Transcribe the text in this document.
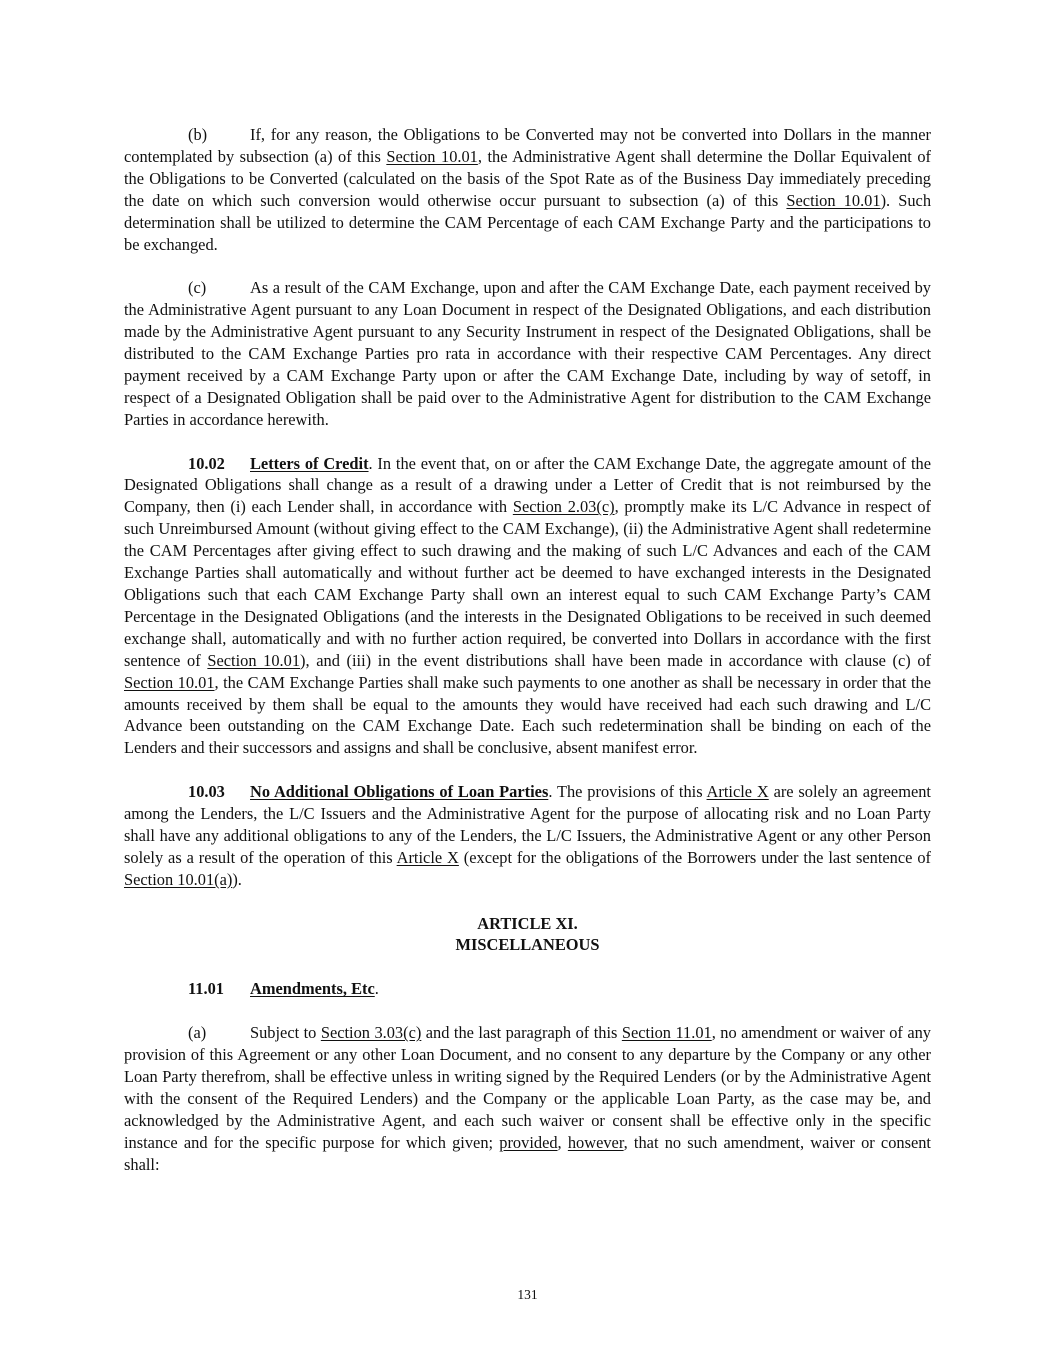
(b)	If, for any reason, the Obligations to be Converted may not be converted into Dollars in the manner contemplated by subsection (a) of this Section 10.01, the Administrative Agent shall determine the Dollar Equivalent of the Obligations to be Converted (calculated on the basis of the Spot Rate as of the Business Day immediately preceding the date on which such conversion would otherwise occur pursuant to subsection (a) of this Section 10.01). Such determination shall be utilized to determine the CAM Percentage of each CAM Exchange Party and the participations to be exchanged.

(c)	As a result of the CAM Exchange, upon and after the CAM Exchange Date, each payment received by the Administrative Agent pursuant to any Loan Document in respect of the Designated Obligations, and each distribution made by the Administrative Agent pursuant to any Security Instrument in respect of the Designated Obligations, shall be distributed to the CAM Exchange Parties pro rata in accordance with their respective CAM Percentages. Any direct payment received by a CAM Exchange Party upon or after the CAM Exchange Date, including by way of setoff, in respect of a Designated Obligation shall be paid over to the Administrative Agent for distribution to the CAM Exchange Parties in accordance herewith.

10.02 Letters of Credit. In the event that, on or after the CAM Exchange Date, the aggregate amount of the Designated Obligations shall change as a result of a drawing under a Letter of Credit that is not reimbursed by the Company, then (i) each Lender shall, in accordance with Section 2.03(c), promptly make its L/C Advance in respect of such Unreimbursed Amount (without giving effect to the CAM Exchange), (ii) the Administrative Agent shall redetermine the CAM Percentages after giving effect to such drawing and the making of such L/C Advances and each of the CAM Exchange Parties shall automatically and without further act be deemed to have exchanged interests in the Designated Obligations such that each CAM Exchange Party shall own an interest equal to such CAM Exchange Party’s CAM Percentage in the Designated Obligations (and the interests in the Designated Obligations to be received in such deemed exchange shall, automatically and with no further action required, be converted into Dollars in accordance with the first sentence of Section 10.01), and (iii) in the event distributions shall have been made in accordance with clause (c) of Section 10.01, the CAM Exchange Parties shall make such payments to one another as shall be necessary in order that the amounts received by them shall be equal to the amounts they would have received had each such drawing and L/C Advance been outstanding on the CAM Exchange Date. Each such redetermination shall be binding on each of the Lenders and their successors and assigns and shall be conclusive, absent manifest error.

10.03 No Additional Obligations of Loan Parties. The provisions of this Article X are solely an agreement among the Lenders, the L/C Issuers and the Administrative Agent for the purpose of allocating risk and no Loan Party shall have any additional obligations to any of the Lenders, the L/C Issuers, the Administrative Agent or any other Person solely as a result of the operation of this Article X (except for the obligations of the Borrowers under the last sentence of Section 10.01(a)).

ARTICLE XI.

MISCELLANEOUS

11.01 Amendments, Etc.

(a)	Subject to Section 3.03(c) and the last paragraph of this Section 11.01, no amendment or waiver of any provision of this Agreement or any other Loan Document, and no consent to any departure by the Company or any other Loan Party therefrom, shall be effective unless in writing signed by the Required Lenders (or by the Administrative Agent with the consent of the Required Lenders) and the Company or the applicable Loan Party, as the case may be, and acknowledged by the Administrative Agent, and each such waiver or consent shall be effective only in the specific instance and for the specific purpose for which given; provided, however, that no such amendment, waiver or consent shall:

131
